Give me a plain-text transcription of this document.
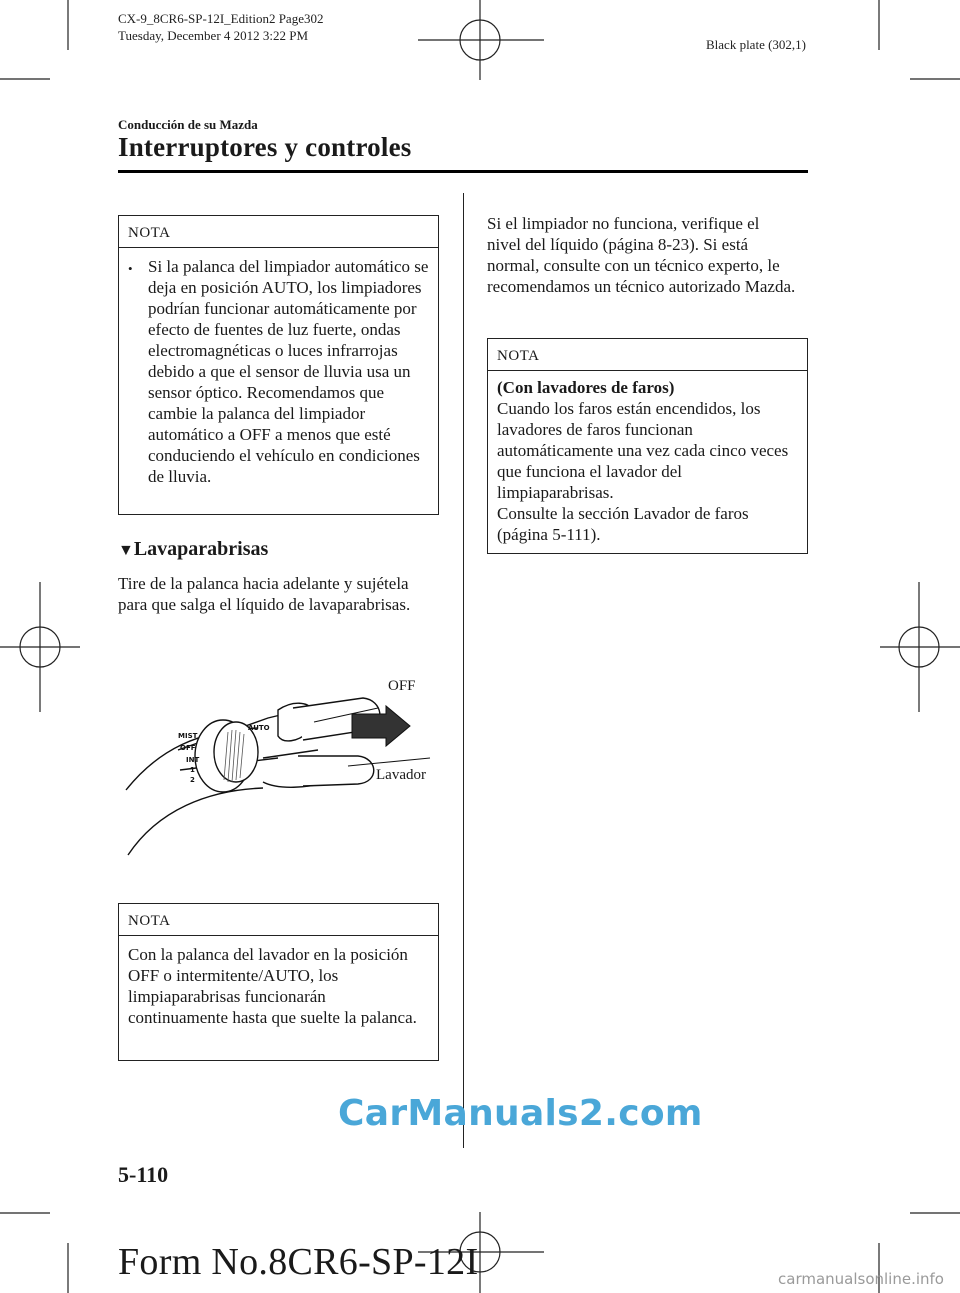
CX-9_8CR6-SP-12I_Edition2 Page302
Tuesday, December 4 2012 3:22 PM
Black plate (302,1)
Conducción de su Mazda
Interruptores y controles
NOTA
• Si la palanca del limpiador automático se deja en posición AUTO, los limpiadores podrían funcionar automáticamente por efecto de fuentes de luz fuerte, ondas electromagnéticas o luces infrarrojas debido a que el sensor de lluvia usa un sensor óptico. Recomendamos que cambie la palanca del limpiador automático a OFF a menos que esté conduciendo el vehículo en condiciones de lluvia.
▼Lavaparabrisas
Tire de la palanca hacia adelante y sujétela para que salga el líquido de lavaparabrisas.
MIST
OFF
INT
1
2
AUTO
OFF
Lavador
NOTA
Con la palanca del lavador en la posición OFF o intermitente/AUTO, los limpiaparabrisas funcionarán continuamente hasta que suelte la palanca.
Si el limpiador no funciona, verifique el nivel del líquido (página 8-23). Si está normal, consulte con un técnico experto, le recomendamos un técnico autorizado Mazda.
NOTA
(Con lavadores de faros)
Cuando los faros están encendidos, los lavadores de faros funcionan automáticamente una vez cada cinco veces que funciona el lavador del limpiaparabrisas.
Consulte la sección Lavador de faros (página 5-111).
CarManuals2.com
5-110
Form No.8CR6-SP-12I	carmanualsonline.info
